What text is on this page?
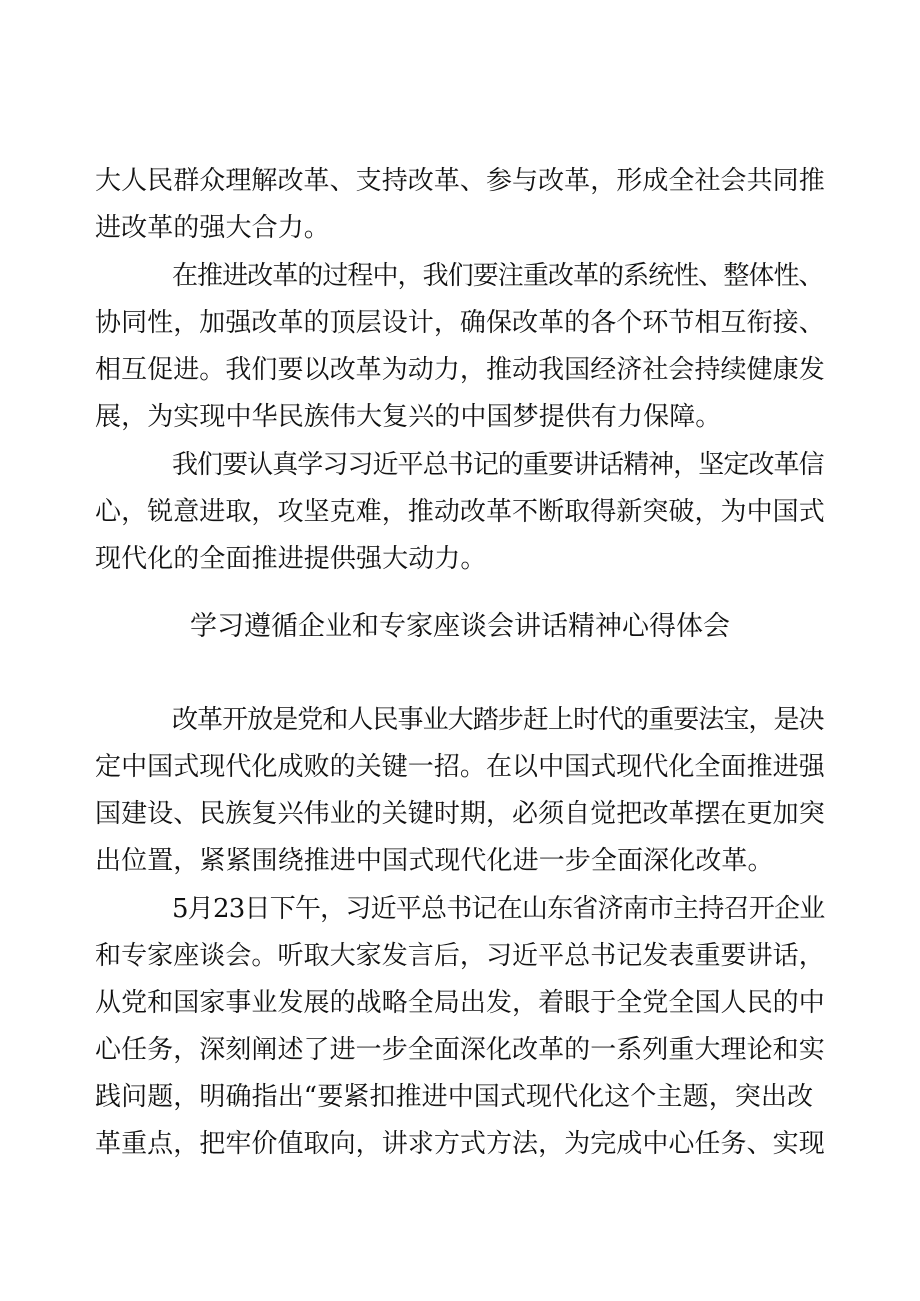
大人民群众理解改革、支持改革、参与改革，形成全社会共同推
进改革的强大合力。
在推进改革的过程中，我们要注重改革的系统性、整体性、
协同性，加强改革的顶层设计，确保改革的各个环节相互衔接、
相互促进。我们要以改革为动力，推动我国经济社会持续健康发
展，为实现中华民族伟大复兴的中国梦提供有力保障。
我们要认真学习习近平总书记的重要讲话精神，坚定改革信
心，锐意进取，攻坚克难，推动改革不断取得新突破，为中国式
现代化的全面推进提供强大动力。
学习遵循企业和专家座谈会讲话精神心得体会
改革开放是党和人民事业大踏步赶上时代的重要法宝，是决
定中国式现代化成败的关键一招。在以中国式现代化全面推进强
国建设、民族复兴伟业的关键时期，必须自觉把改革摆在更加突
出位置，紧紧围绕推进中国式现代化进一步全面深化改革。
5月23日下午，习近平总书记在山东省济南市主持召开企业
和专家座谈会。听取大家发言后，习近平总书记发表重要讲话，
从党和国家事业发展的战略全局出发，着眼于全党全国人民的中
心任务，深刻阐述了进一步全面深化改革的一系列重大理论和实
践问题，明确指出“要紧扣推进中国式现代化这个主题，突出改
革重点，把牢价值取向，讲求方式方法，为完成中心任务、实现
